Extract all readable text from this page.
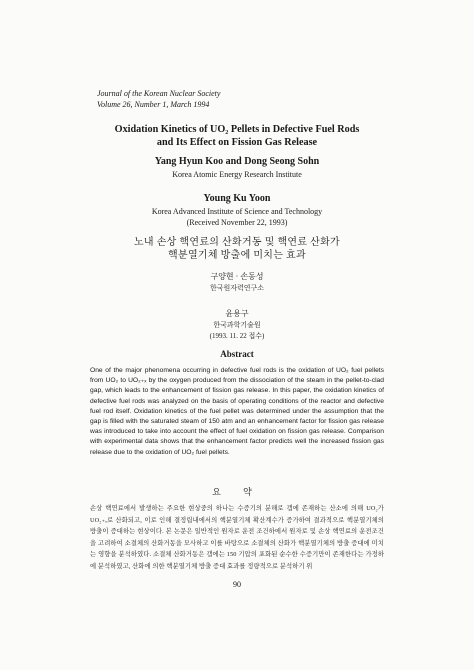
Journal of the Korean Nuclear Society
Volume 26, Number 1, March 1994
Oxidation Kinetics of UO₂ Pellets in Defective Fuel Rods
and Its Effect on Fission Gas Release
Yang Hyun Koo and Dong Seong Sohn
Korea Atomic Energy Research Institute
Young Ku Yoon
Korea Advanced Institute of Science and Technology
(Received November 22, 1993)
노내 손상 핵연료의 산화거동 및 핵연료 산화가
핵분열기체 방출에 미치는 효과
구양현 · 손동성
한국원자력연구소
윤용구
한국과학기술원
(1993. 11. 22 접수)
Abstract
One of the major phenomena occurring in defective fuel rods is the oxidation of UO₂ fuel pellets from UO₂ to UO₂₊ₓ by the oxygen produced from the dissociation of the steam in the pellet-to-clad gap, which leads to the enhancement of fission gas release. In this paper, the oxidation kinetics of defective fuel rods was analyzed on the basis of operating conditions of the reactor and defective fuel rod itself. Oxidation kinetics of the fuel pellet was determined under the assumption that the gap is filled with the saturated steam of 150 atm and an enhancement factor for fission gas release was introduced to take into account the effect of fuel oxidation on fission gas release. Comparison with experimental data shows that the enhancement factor predicts well the increased fission gas release due to the oxidation of UO₂ fuel pellets.
요 약
손상 핵연료에서 발생하는 주요한 현상중의 하나는 수증기의 분해로 갭에 존재하는 산소에 의해 UO₂가 UO₂₊ₓ로 산화되고, 이로 인해 결정립내에서의 핵분열기체 확산계수가 증가하여 결과적으로 핵분열기체의 방출이 증대하는 현상이다. 본 논문은 일반적인 원자로 운전 조건하에서 원자로 및 손상 핵연료의 운전조건을 고려하여 소결체의 산화거동을 모사하고 이를 바탕으로 소결체의 산화가 핵분열기체의 방출 증대에 미치는 영향을 분석하였다. 소결체 산화거동은 갭에는 150 기압의 포화된 순수한 수증기만이 존재한다는 가정하에 분석하였고, 산화에 의한 핵분열기체 방출 증대 효과를 정량적으로 분석하기 위
90
